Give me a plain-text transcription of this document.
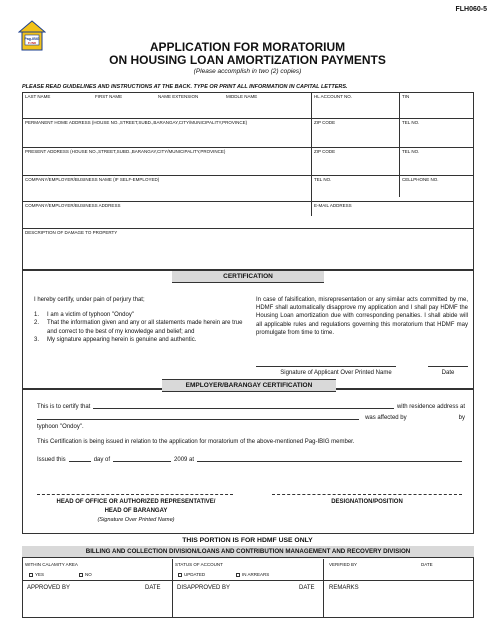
FLH060-5
Pag-IBIG
FUND	APPLICATION FOR MORATORIUM
ON HOUSING LOAN AMORTIZATION PAYMENTS
(Please accomplish in two (2) copies)
PLEASE READ GUIDELINES AND INSTRUCTIONS AT THE BACK. TYPE OR PRINT ALL INFORMATION IN CAPITAL LETTERS.
LAST NAME	FIRST NAME	NAME EXTENSION	MIDDLE NAME	HL ACCOUNT NO.	TIN
PERMANENT HOME ADDRESS (HOUSE NO.,STREET,SUBD.,BARANGAY,CITY/MUNICIPALITY,PROVINCE)	ZIP CODE	TEL NO.
PRESENT ADDRESS (HOUSE NO.,STREET,SUBD.,BARANGAY,CITY/MUNICIPALITY,PROVINCE)	ZIP CODE	TEL NO.
COMPANY/EMPLOYER/BUSINESS NAME (IF SELF-EMPLOYED)	TEL NO.	CELLPHONE NO.
COMPANY/EMPLOYER/BUSINESS ADDRESS	E-MAIL ADDRESS
DESCRIPTION OF DAMAGE TO PROPERTY
CERTIFICATION
I hereby certify, under pain of perjury that;
1.	I am a victim of typhoon "Ondoy"
2.	That the information given and any or all statements made herein are true and correct to the best of my knowledge and belief; and
3.	My signature appearing herein is genuine and authentic.
In case of falsification, misrepresentation or any similar acts committed by me, HDMF shall automatically disapprove my application and I shall pay HDMF the Housing Loan amortization due with corresponding penalties. I shall abide will all applicable rules and regulations governing this moratorium that HDMF may promulgate from time to time.
Signature of Applicant Over Printed Name	Date
EMPLOYER/BARANGAY CERTIFICATION
This is to certify that	with residence address at
was affected by	by
typhoon "Ondoy".
This Certification is being issued in relation to the application for moratorium of the above-mentioned Pag-IBIG member.
Issued this	day of	2009 at
HEAD OF OFFICE OR AUTHORIZED REPRESENTATIVE/
HEAD OF BARANGAY
(Signature Over Printed Name)
DESIGNATION/POSITION
THIS PORTION IS FOR HDMF USE ONLY
BILLING AND COLLECTION DIVISION/LOANS AND CONTRIBUTION MANAGEMENT AND RECOVERY DIVISION
WITHIN CALAMITY AREA
YES	NO
STATUS OF ACCOUNT
UPDATED	IN ARREARS
VERIFIED BY	DATE
APPROVED BY	DATE	DISAPPROVED BY	DATE	REMARKS
